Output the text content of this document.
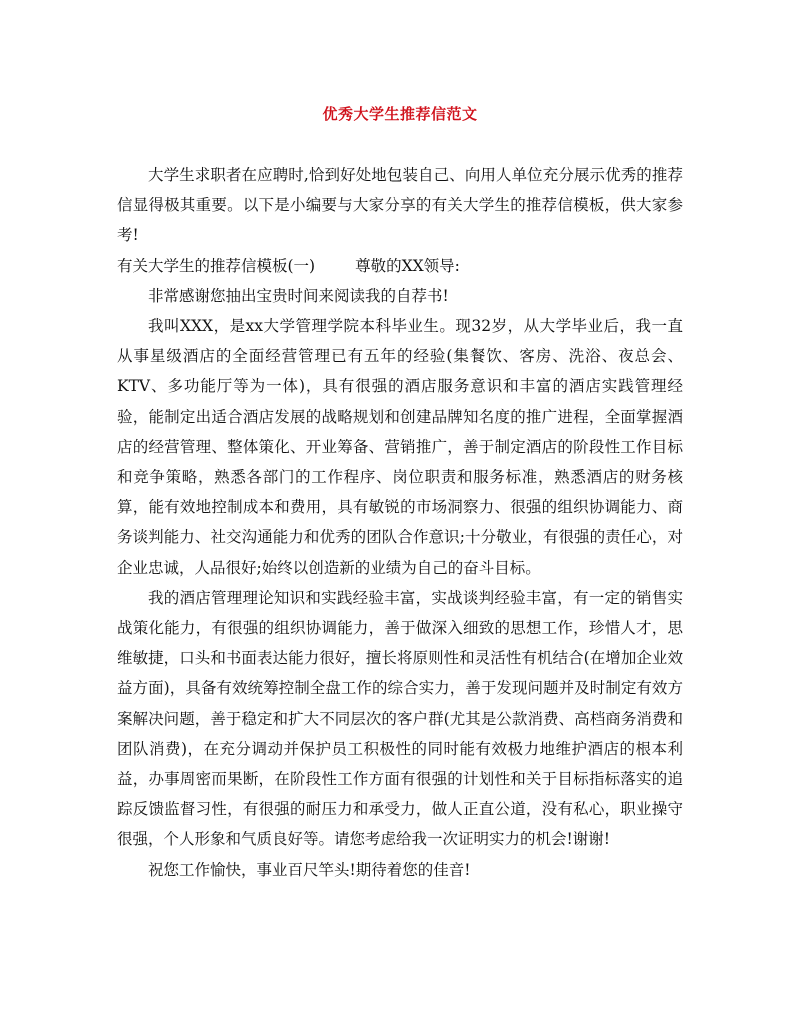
优秀大学生推荐信范文

大学生求职者在应聘时,恰到好处地包装自己、向用人单位充分展示优秀的推荐信显得极其重要。以下是小编要与大家分享的有关大学生的推荐信模板，供大家参考!

有关大学生的推荐信模板(一)	尊敬的XX领导:

非常感谢您抽出宝贵时间来阅读我的自荐书!

我叫XXX，是xx大学管理学院本科毕业生。现32岁，从大学毕业后，我一直从事星级酒店的全面经营管理已有五年的经验(集餐饮、客房、洗浴、夜总会、KTV、多功能厅等为一体)，具有很强的酒店服务意识和丰富的酒店实践管理经验，能制定出适合酒店发展的战略规划和创建品牌知名度的推广进程，全面掌握酒店的经营管理、整体策化、开业筹备、营销推广，善于制定酒店的阶段性工作目标和竞争策略，熟悉各部门的工作程序、岗位职责和服务标准，熟悉酒店的财务核算，能有效地控制成本和费用，具有敏锐的市场洞察力、很强的组织协调能力、商务谈判能力、社交沟通能力和优秀的团队合作意识;十分敬业，有很强的责任心，对企业忠诚，人品很好;始终以创造新的业绩为自己的奋斗目标。

我的酒店管理理论知识和实践经验丰富，实战谈判经验丰富，有一定的销售实战策化能力，有很强的组织协调能力，善于做深入细致的思想工作，珍惜人才，思维敏捷，口头和书面表达能力很好，擅长将原则性和灵活性有机结合(在增加企业效益方面)，具备有效统筹控制全盘工作的综合实力，善于发现问题并及时制定有效方案解决问题，善于稳定和扩大不同层次的客户群(尤其是公款消费、高档商务消费和团队消费)，在充分调动并保护员工积极性的同时能有效极力地维护酒店的根本利益，办事周密而果断，在阶段性工作方面有很强的计划性和关于目标指标落实的追踪反馈监督习性，有很强的耐压力和承受力，做人正直公道，没有私心，职业操守很强，个人形象和气质良好等。请您考虑给我一次证明实力的机会!谢谢!

祝您工作愉快，事业百尺竿头!期待着您的佳音!
